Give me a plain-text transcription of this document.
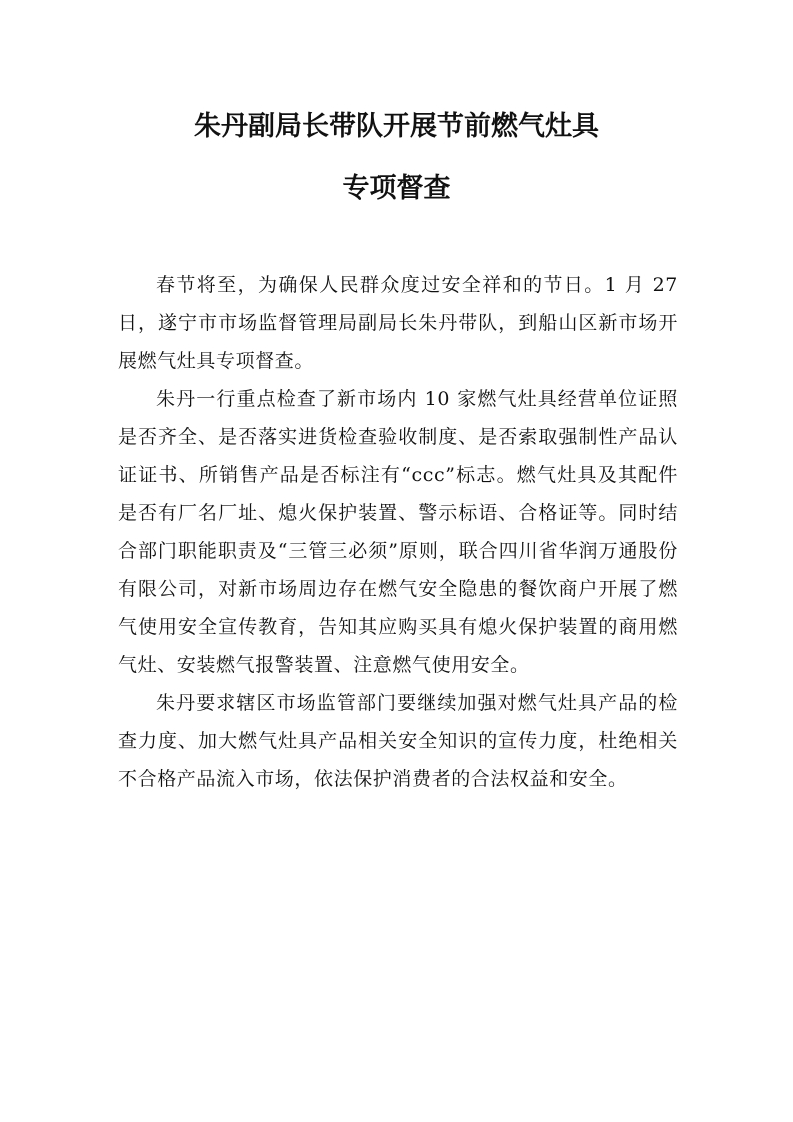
朱丹副局长带队开展节前燃气灶具
专项督查

春节将至，为确保人民群众度过安全祥和的节日。1 月 27 日，遂宁市市场监督管理局副局长朱丹带队，到船山区新市场开展燃气灶具专项督查。

朱丹一行重点检查了新市场内 10 家燃气灶具经营单位证照是否齐全、是否落实进货检查验收制度、是否索取强制性产品认证证书、所销售产品是否标注有“ccc”标志。燃气灶具及其配件是否有厂名厂址、熄火保护装置、警示标语、合格证等。同时结合部门职能职责及“三管三必须”原则，联合四川省华润万通股份有限公司，对新市场周边存在燃气安全隐患的餐饮商户开展了燃气使用安全宣传教育，告知其应购买具有熄火保护装置的商用燃气灶、安装燃气报警装置、注意燃气使用安全。

朱丹要求辖区市场监管部门要继续加强对燃气灶具产品的检查力度、加大燃气灶具产品相关安全知识的宣传力度，杜绝相关不合格产品流入市场，依法保护消费者的合法权益和安全。
